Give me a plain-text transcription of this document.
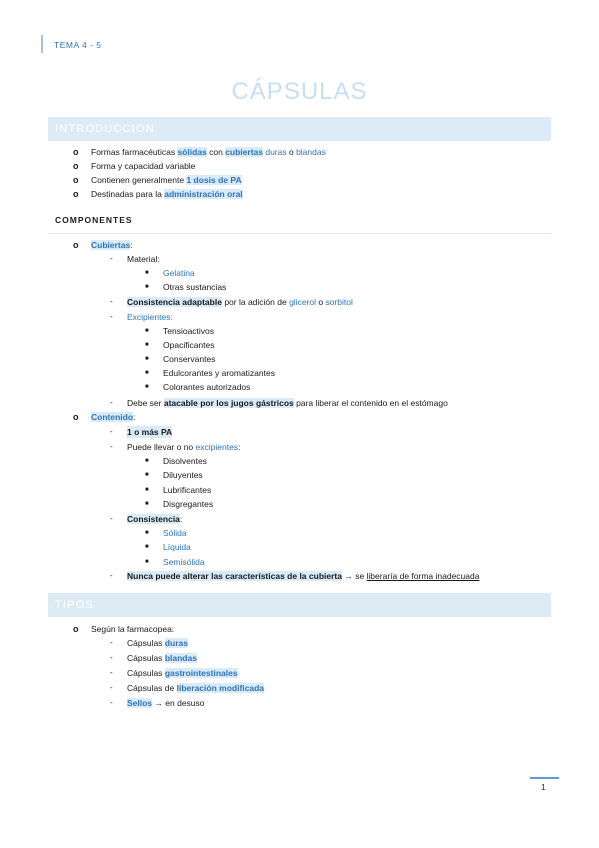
TEMA 4 - 5
CÁPSULAS
INTRODUCCION
o Formas farmacéuticas sólidas con cubiertas duras o blandas
o Forma y capacidad variable
o Contienen generalmente 1 dosis de PA
o Destinadas para la administración oral
COMPONENTES
o Cubiertas:
- Material:
■ Gelatina
■ Otras sustancias
- Consistencia adaptable por la adición de glicerol o sorbitol
- Excipientes:
■ Tensioactivos
■ Opacificantes
■ Conservantes
■ Edulcorantes y aromatizantes
■ Colorantes autorizados
- Debe ser atacable por los jugos gástricos para liberar el contenido en el estómago
o Contenido:
- 1 o más PA
- Puede llevar o no excipientes:
■ Disolventes
■ Diluyentes
■ Lubrificantes
■ Disgregantes
- Consistencia:
■ Sólida
■ Líquida
■ Semisólida
- Nunca puede alterar las características de la cubierta → se liberaría de forma inadecuada
TIPOS
o Según la farmacopea:
- Cápsulas duras
- Cápsulas blandas
- Cápsulas gastrointestinales
- Cápsulas de liberación modificada
- Sellos → en desuso
1
